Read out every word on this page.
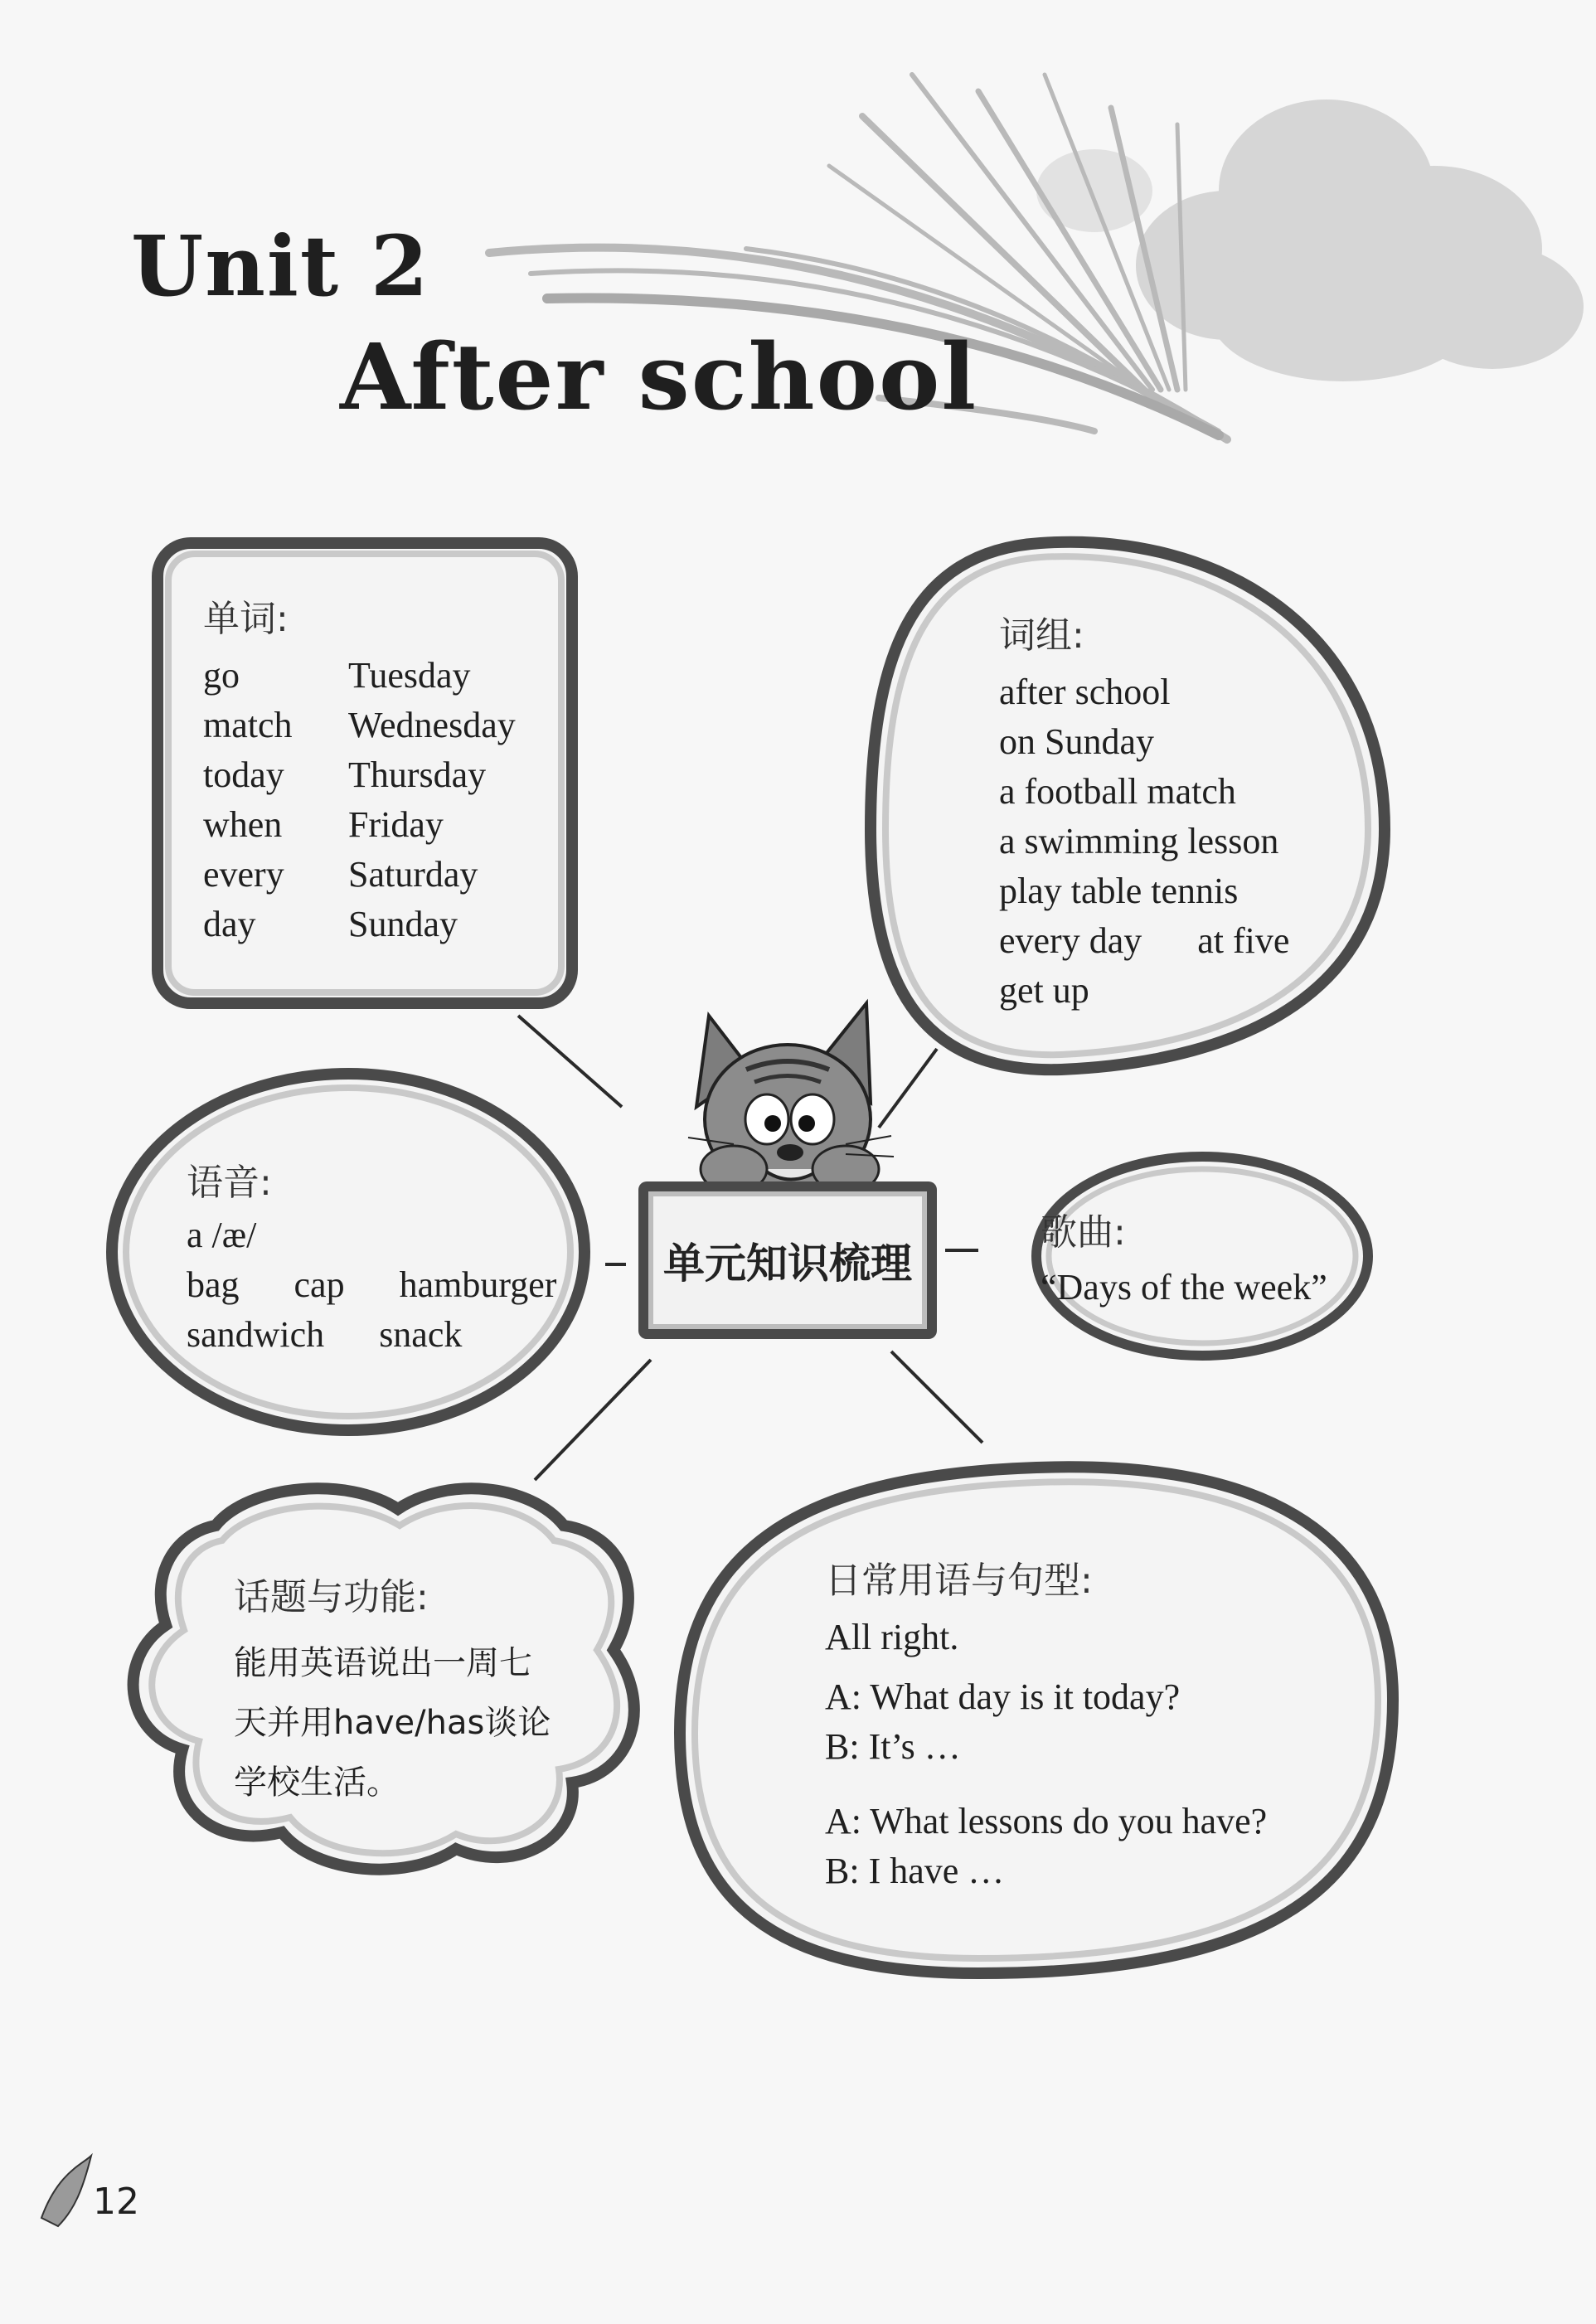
Unit 2
After school
单词:
go
match
today
when
every
day
Tuesday
Wednesday
Thursday
Friday
Saturday
Sunday
词组:
after school
on Sunday
a football match
a swimming lesson
play table tennis
every day at five
get up
语音:
a /æ/
bag cap hamburger
sandwich snack
单元知识梳理
歌曲:
“Days of the week”
话题与功能:
能用英语说出一周七
天并用have/has谈论
学校生活。
日常用语与句型:
All right.
A: What day is it today?
B: It’s …
A: What lessons do you have?
B: I have …
12
